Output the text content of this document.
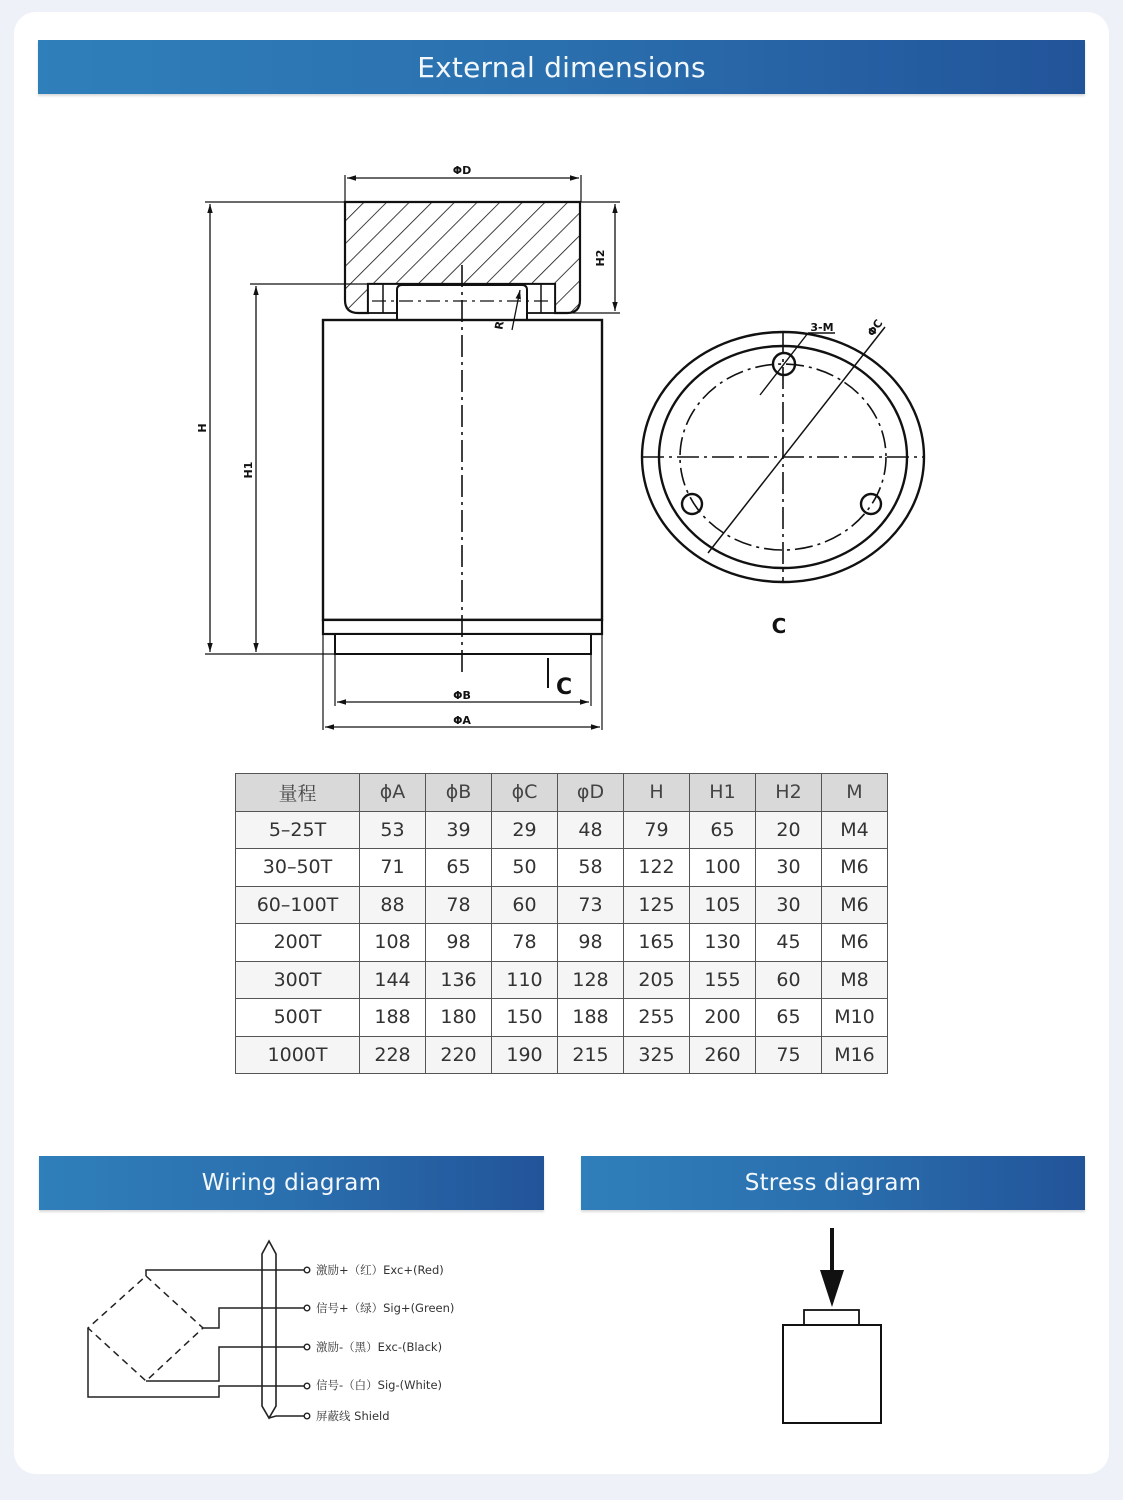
External dimensions
ΦD
H2
H
H1
R
C
ΦB
ΦA
3-M	ΦC
C
量程	ϕA	ϕB	ϕC	φD	H	H1	H2	M
5–25T	53	39	29	48	79	65	20	M4
30–50T	71	65	50	58	122	100	30	M6
60–100T	88	78	60	73	125	105	30	M6
200T	108	98	78	98	165	130	45	M6
300T	144	136	110	128	205	155	60	M8
500T	188	180	150	188	255	200	65	M10
1000T	228	220	190	215	325	260	75	M16
Wiring diagram	Stress diagram
激励+（红）Exc+(Red)
信号+（绿）Sig+(Green)
激励-（黑）Exc-(Black)
信号-（白）Sig-(White)
屏蔽线 Shield
